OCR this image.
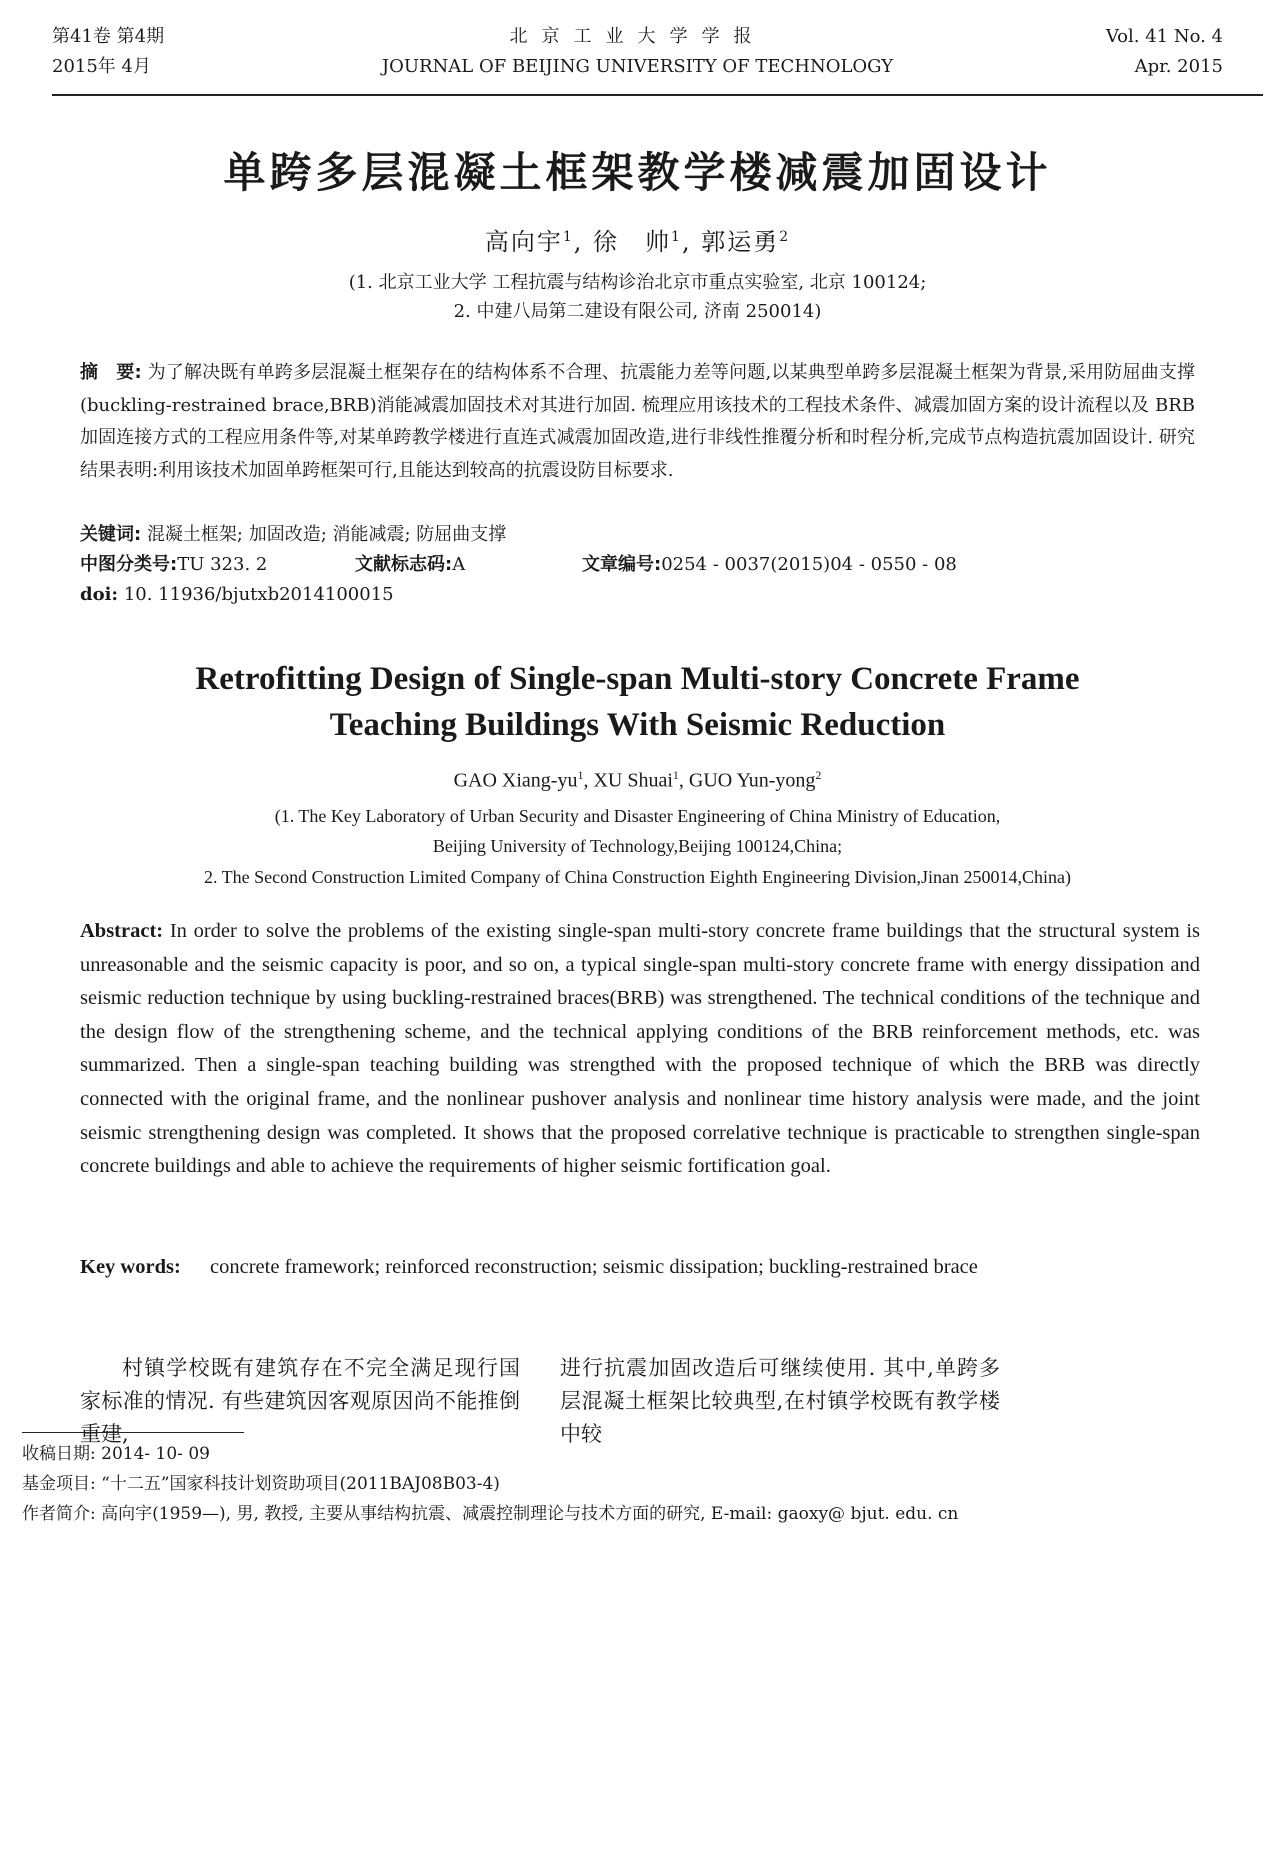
第41卷 第4期
2015年 4月
北京工业大学学报
JOURNAL OF BEIJING UNIVERSITY OF TECHNOLOGY
Vol. 41 No. 4
Apr. 2015
单跨多层混凝土框架教学楼减震加固设计
高向宇$^1$, 徐　帅$^1$, 郭运勇$^2$
(1. 北京工业大学 工程抗震与结构诊治北京市重点实验室, 北京 100124;
2. 中建八局第二建设有限公司, 济南 250014)
摘　要: 为了解决既有单跨多层混凝土框架存在的结构体系不合理、抗震能力差等问题,以某典型单跨多层混凝土框架为背景,采用防屈曲支撑(buckling-restrained brace,BRB)消能减震加固技术对其进行加固. 梳理应用该技术的工程技术条件、减震加固方案的设计流程以及 BRB 加固连接方式的工程应用条件等,对某单跨教学楼进行直连式减震加固改造,进行非线性推覆分析和时程分析,完成节点构造抗震加固设计. 研究结果表明:利用该技术加固单跨框架可行,且能达到较高的抗震设防目标要求.
关键词: 混凝土框架; 加固改造; 消能减震; 防屈曲支撑
中图分类号:TU 323. 2	文献标志码:A	文章编号:0254 - 0037(2015)04 - 0550 - 08
doi: 10. 11936/bjutxb2014100015
Retrofitting Design of Single-span Multi-story Concrete Frame
Teaching Buildings With Seismic Reduction
GAO Xiang-$yu^1$, XU Shuai$^1$, GUO Yun-yong$^2$
(1. The Key Laboratory of Urban Security and Disaster Engineering of China Ministry of Education,
Beijing University of Technology,Beijing 100124,China;
2. The Second Construction Limited Company of China Construction Eighth Engineering Division,Jinan 250014,China)
Abstract: In order to solve the problems of the existing single-span multi-story concrete frame buildings that the structural system is unreasonable and the seismic capacity is poor, and so on, a typical single-span multi-story concrete frame with energy dissipation and seismic reduction technique by using buckling-restrained braces(BRB) was strengthened. The technical conditions of the technique and the design flow of the strengthening scheme, and the technical applying conditions of the BRB reinforcement methods, etc. was summarized. Then a single-span teaching building was strengthed with the proposed technique of which the BRB was directly connected with the original frame, and the nonlinear pushover analysis and nonlinear time history analysis were made, and the joint seismic strengthening design was completed. It shows that the proposed correlative technique is practicable to strengthen single-span concrete buildings and able to achieve the requirements of higher seismic fortification goal.
Key words: concrete framework; reinforced reconstruction; seismic dissipation; buckling-restrained brace
村镇学校既有建筑存在不完全满足现行国家标准的情况. 有些建筑因客观原因尚不能推倒重建,
进行抗震加固改造后可继续使用. 其中,单跨多层混凝土框架比较典型,在村镇学校既有教学楼中较
收稿日期: 2014- 10- 09
基金项目: “十二五”国家科技计划资助项目(2011BAJ08B03-4)
作者简介: 高向宇(1959—), 男, 教授, 主要从事结构抗震、减震控制理论与技术方面的研究, E-mail: gaoxy@ bjut. edu. cn
